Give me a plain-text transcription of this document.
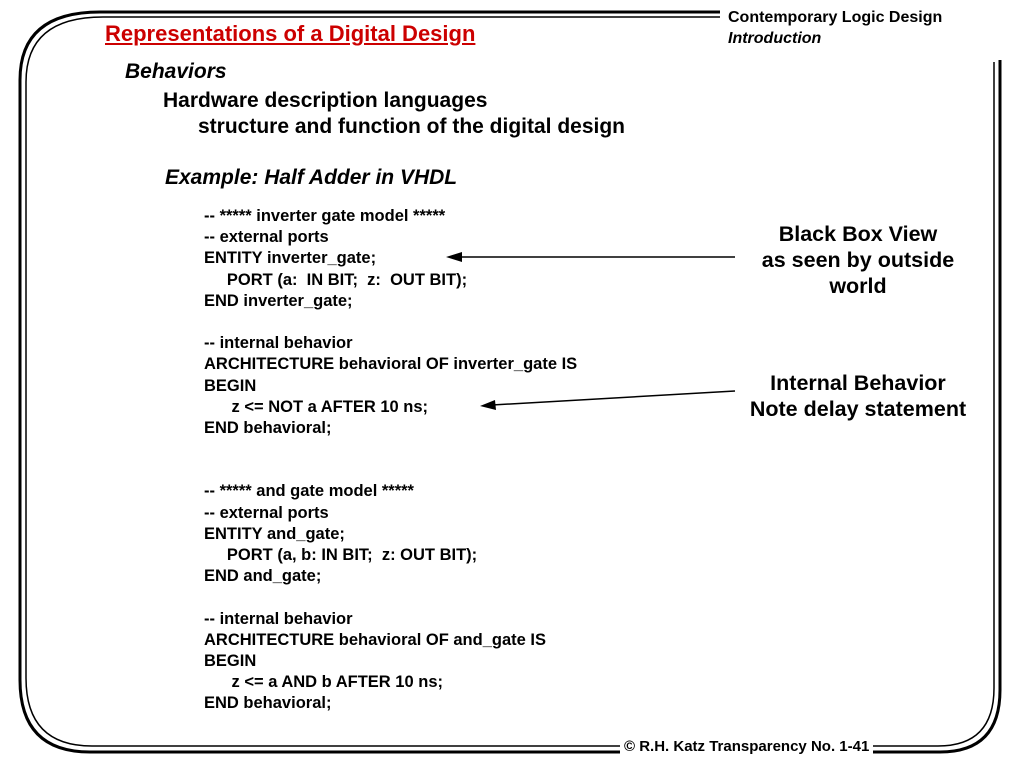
Representations of a Digital Design
Contemporary Logic Design
Introduction
Behaviors
Hardware description languages
structure and function of the digital design
Example: Half Adder in VHDL
-- ***** inverter gate model *****
-- external ports
ENTITY inverter_gate;
PORT (a:  IN BIT;  z:  OUT BIT);
END inverter_gate;
-- internal behavior
ARCHITECTURE behavioral OF inverter_gate IS
BEGIN
z <= NOT a AFTER 10 ns;
END behavioral;
-- ***** and gate model *****
-- external ports
ENTITY and_gate;
PORT (a, b: IN BIT;  z: OUT BIT);
END and_gate;
-- internal behavior
ARCHITECTURE behavioral OF and_gate IS
BEGIN
z <= a AND b AFTER 10 ns;
END behavioral;
Black Box View
as seen by outside
world
Internal Behavior
Note delay statement
© R.H. Katz Transparency No. 1-41
